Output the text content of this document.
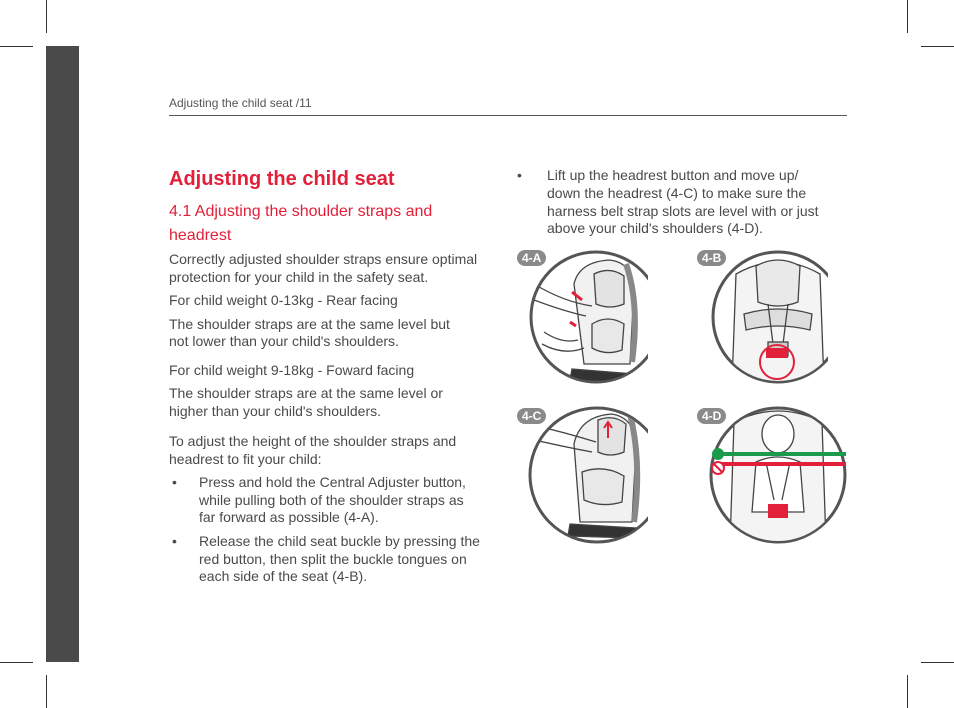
Adjusting the child seat /11
Adjusting the child seat
4.1 Adjusting the shoulder straps and headrest
Correctly adjusted shoulder straps ensure optimal
protection for your child in the safety seat.
For child weight 0-13kg - Rear facing
The shoulder straps are at the same level but
not lower than your child's shoulders.
For child weight 9-18kg - Foward facing
The shoulder straps are at the same level or
higher than your child's shoulders.
To adjust the height of the shoulder straps and
headrest to fit your child:
• Press and hold the Central Adjuster button,
while pulling both of the shoulder straps as
far forward as possible (4-A).
• Release the child seat buckle by pressing the
red button, then split the buckle tongues on
each side of the seat (4-B).
• Lift up the headrest button and move up/
down the headrest (4-C) to make sure the
harness belt strap slots are level with or just
above your child's shoulders (4-D).
4-A	4-B
4-C	4-D
